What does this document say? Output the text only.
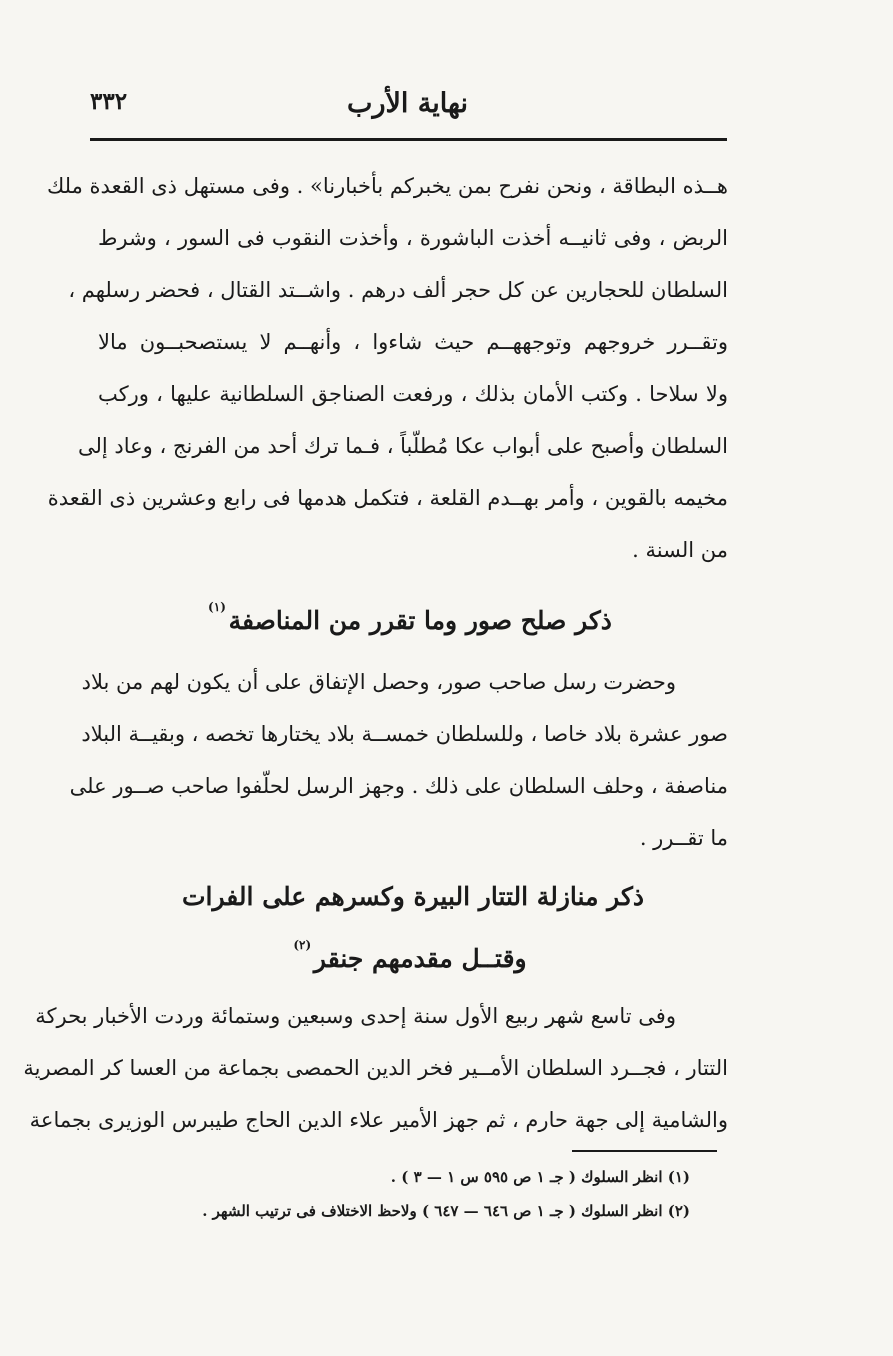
نهاية الأرب
٣٣٢
هــذه البطاقة ، ونحن نفرح بمن يخبركم بأخبارنا» . وفى مستهل ذى القعدة ملك
الربض ، وفى ثانيــه أخذت الباشورة ، وأخذت النقوب فى السور ، وشرط
السلطان للحجارين عن كل حجر ألف درهم . واشــتد القتال ، فحضر رسلهم ،
وتقــرر خروجهم وتوجههــم حيث شاءوا ، وأنهــم لا يستصحبــون مالا
ولا سلاحا . وكتب الأمان بذلك ، ورفعت الصناجق السلطانية عليها ، وركب
السلطان وأصبح على أبواب عكا مُطلّباً ، فـما ترك أحد من الفرنج ، وعاد إلى
مخيمه بالقوين ، وأمر بهــدم القلعة ، فتكمل هدمها فى رابع وعشرين ذى القعدة
من السنة .
ذكر صلح صور وما تقرر من المناصفة $^{(١)}$
وحضرت رسل صاحب صور، وحصل الإتفاق على أن يكون لهم من بلاد
صور عشرة بلاد خاصا ، وللسلطان خمســة بلاد يختارها تخصه ، وبقيــة البلاد
مناصفة ، وحلف السلطان على ذلك . وجهز الرسل لحلّفوا صاحب صــور على
ما تقــرر .
ذكر منازلة التتار البيرة وكسرهم على الفرات
وقتــل مقدمهم جنقر $^{(٢)}$
وفى تاسع شهر ربيع الأول سنة إحدى وسبعين وستمائة وردت الأخبار بحركة
التتار ، فجــرد السلطان الأمــير فخر الدين الحمصى بجماعة من العسا كر المصرية
والشامية إلى جهة حارم ، ثم جهز الأمير علاء الدين الحاج طيبرس الوزيرى بجماعة
(١) انظر السلوك ( جـ ١ ص ٥٩٥ س ١ — ٣ ) .
(٢) انظر السلوك ( جـ ١ ص ٦٤٦ — ٦٤٧ ) ولاحظ الاختلاف فى ترتيب الشهر .
